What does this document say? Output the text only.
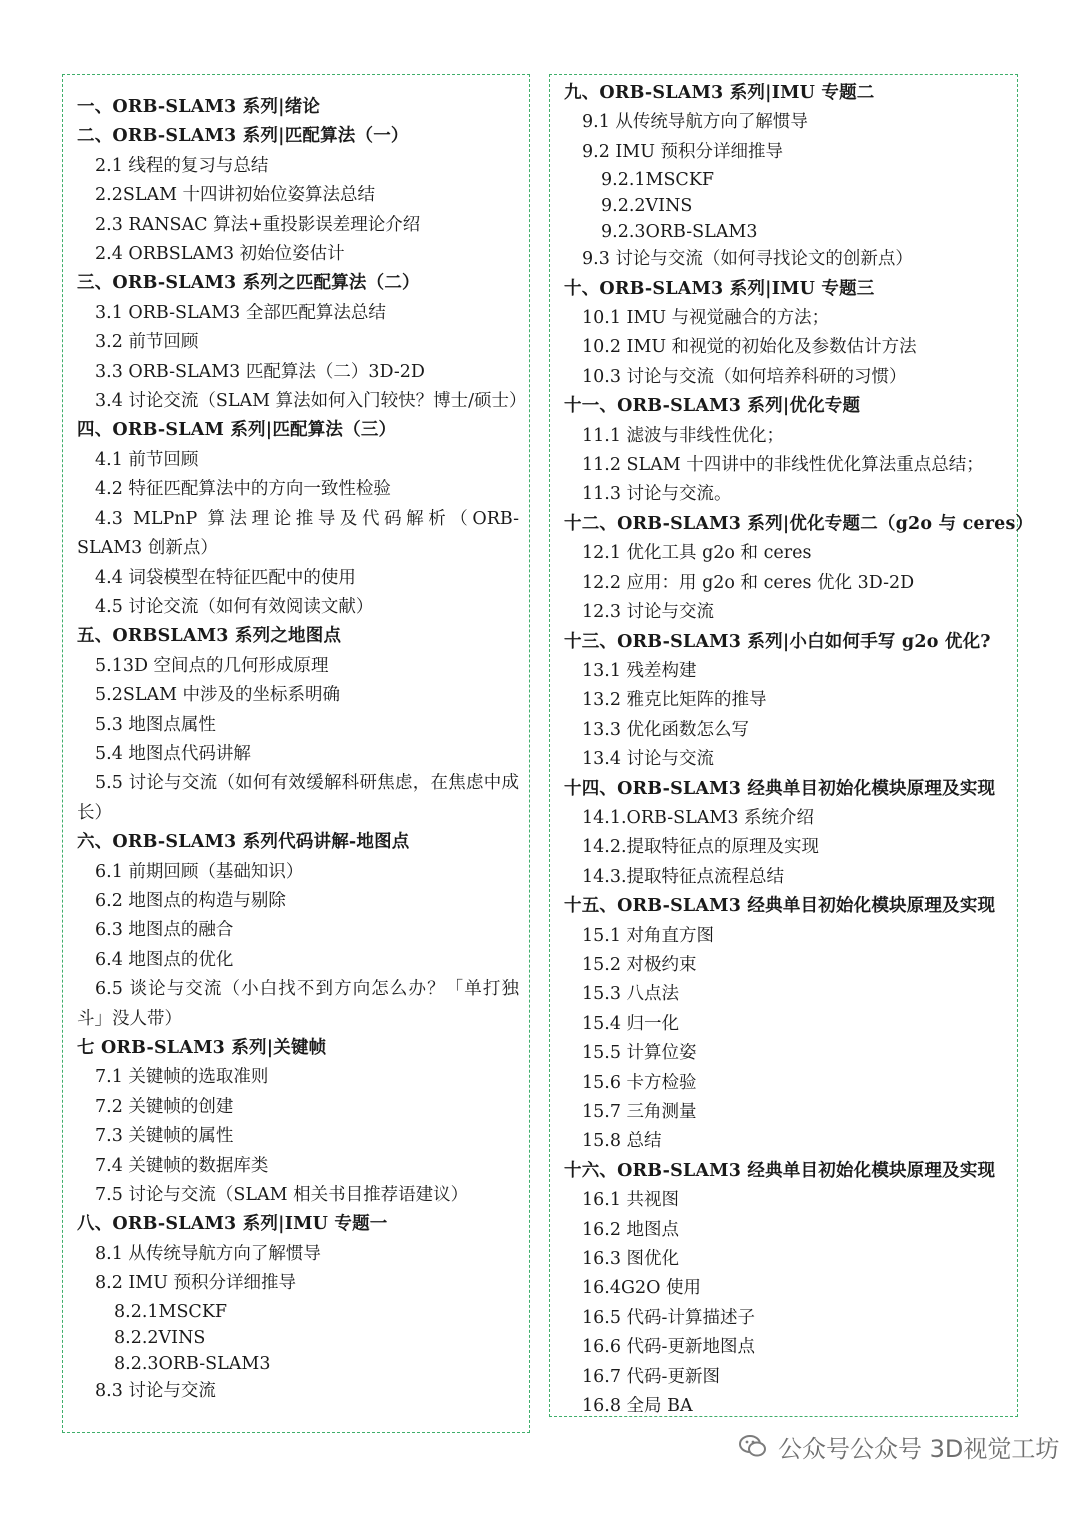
一、ORB-SLAM3 系列|绪论
二、ORB-SLAM3 系列|匹配算法（一）
2.1 线程的复习与总结
2.2SLAM 十四讲初始位姿算法总结
2.3 RANSAC 算法+重投影误差理论介绍
2.4 ORBSLAM3 初始位姿估计
三、ORB-SLAM3 系列之匹配算法（二）
3.1 ORB-SLAM3 全部匹配算法总结
3.2 前节回顾
3.3 ORB-SLAM3 匹配算法（二）3D-2D
3.4 讨论交流（SLAM 算法如何入门较快？博士/硕士）
四、ORB-SLAM 系列|匹配算法（三）
4.1 前节回顾
4.2 特征匹配算法中的方向一致性检验
4.3 MLPnP 算法理论推导及代码解析（ORB-SLAM3 创新点）
4.4 词袋模型在特征匹配中的使用
4.5 讨论交流（如何有效阅读文献）
五、ORBSLAM3 系列之地图点
5.13D 空间点的几何形成原理
5.2SLAM 中涉及的坐标系明确
5.3 地图点属性
5.4 地图点代码讲解
5.5 讨论与交流（如何有效缓解科研焦虑，在焦虑中成长）
六、ORB-SLAM3 系列代码讲解-地图点
6.1 前期回顾（基础知识）
6.2 地图点的构造与剔除
6.3 地图点的融合
6.4 地图点的优化
6.5 谈论与交流（小白找不到方向怎么办？「单打独斗」没人带）
七 ORB-SLAM3 系列|关键帧
7.1 关键帧的选取准则
7.2 关键帧的创建
7.3 关键帧的属性
7.4 关键帧的数据库类
7.5 讨论与交流（SLAM 相关书目推荐语建议）
八、ORB-SLAM3 系列|IMU 专题一
8.1 从传统导航方向了解惯导
8.2 IMU 预积分详细推导
8.2.1MSCKF
8.2.2VINS
8.2.3ORB-SLAM3
8.3 讨论与交流
九、ORB-SLAM3 系列|IMU 专题二
9.1 从传统导航方向了解惯导
9.2 IMU 预积分详细推导
9.2.1MSCKF
9.2.2VINS
9.2.3ORB-SLAM3
9.3 讨论与交流（如何寻找论文的创新点）
十、ORB-SLAM3 系列|IMU 专题三
10.1 IMU 与视觉融合的方法；
10.2 IMU 和视觉的初始化及参数估计方法
10.3 讨论与交流（如何培养科研的习惯）
十一、ORB-SLAM3 系列|优化专题
11.1 滤波与非线性优化；
11.2 SLAM 十四讲中的非线性优化算法重点总结；
11.3 讨论与交流。
十二、ORB-SLAM3 系列|优化专题二（g2o 与 ceres）
12.1 优化工具 g2o 和 ceres
12.2 应用：用 g2o 和 ceres 优化 3D-2D
12.3 讨论与交流
十三、ORB-SLAM3 系列|小白如何手写 g2o 优化?
13.1 残差构建
13.2 雅克比矩阵的推导
13.3 优化函数怎么写
13.4 讨论与交流
十四、ORB-SLAM3 经典单目初始化模块原理及实现
14.1.ORB-SLAM3 系统介绍
14.2.提取特征点的原理及实现
14.3.提取特征点流程总结
十五、ORB-SLAM3 经典单目初始化模块原理及实现
15.1 对角直方图
15.2 对极约束
15.3 八点法
15.4 归一化
15.5 计算位姿
15.6 卡方检验
15.7 三角测量
15.8 总结
十六、ORB-SLAM3 经典单目初始化模块原理及实现
16.1 共视图
16.2 地图点
16.3 图优化
16.4G2O 使用
16.5 代码-计算描述子
16.6 代码-更新地图点
16.7 代码-更新图
16.8 全局 BA
公众号公众号 3D视觉工坊
